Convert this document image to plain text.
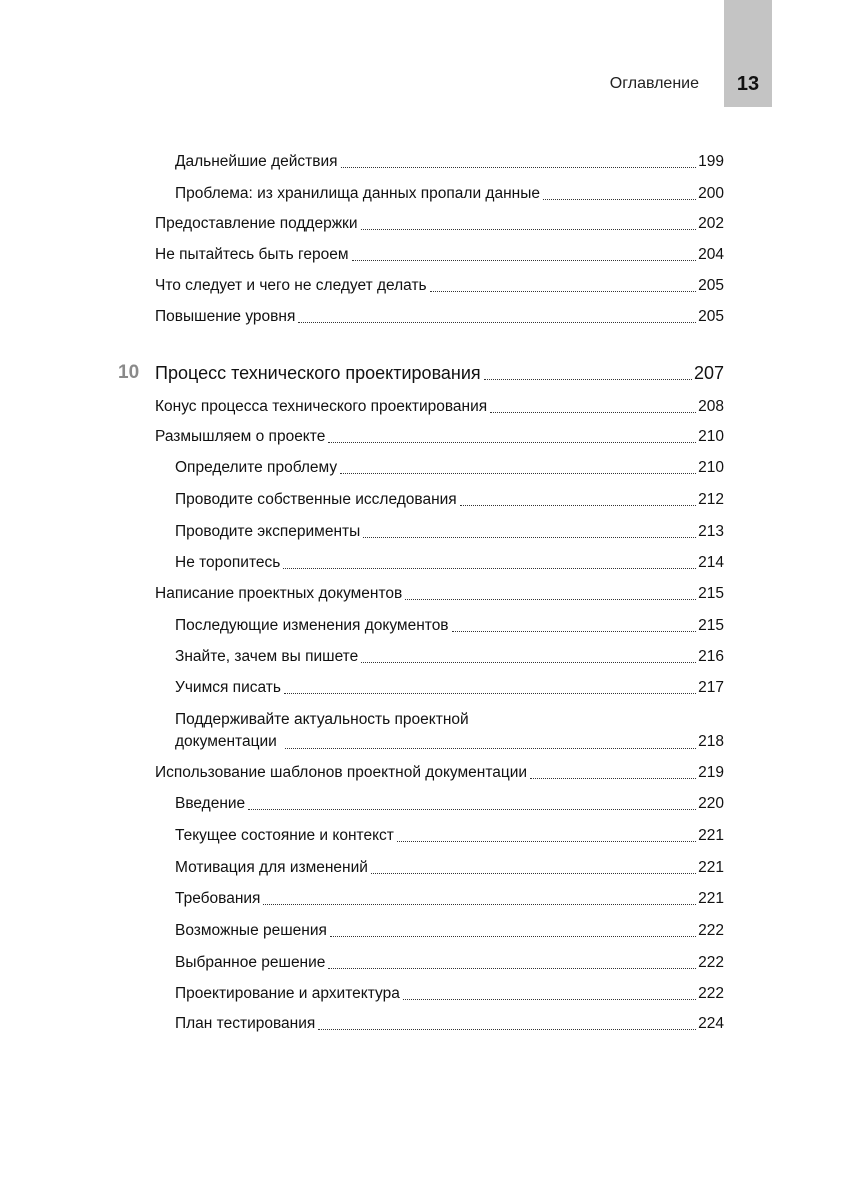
13
Оглавление
Дальнейшие действия	199
Проблема: из хранилища данных пропали данные	200
Предоставление поддержки	202
Не пытайтесь быть героем	204
Что следует и чего не следует делать	205
Повышение уровня	205
10 Процесс технического проектирования	207
Конус процесса технического проектирования	208
Размышляем о проекте	210
Определите проблему	210
Проводите собственные исследования	212
Проводите эксперименты	213
Не торопитесь	214
Написание проектных документов	215
Последующие изменения документов	215
Знайте, зачем вы пишете	216
Учимся писать	217
Поддерживайте актуальность проектной
документации	218
Использование шаблонов проектной документации	219
Введение	220
Текущее состояние и контекст	221
Мотивация для изменений	221
Требования	221
Возможные решения	222
Выбранное решение	222
Проектирование и архитектура	222
План тестирования	224
